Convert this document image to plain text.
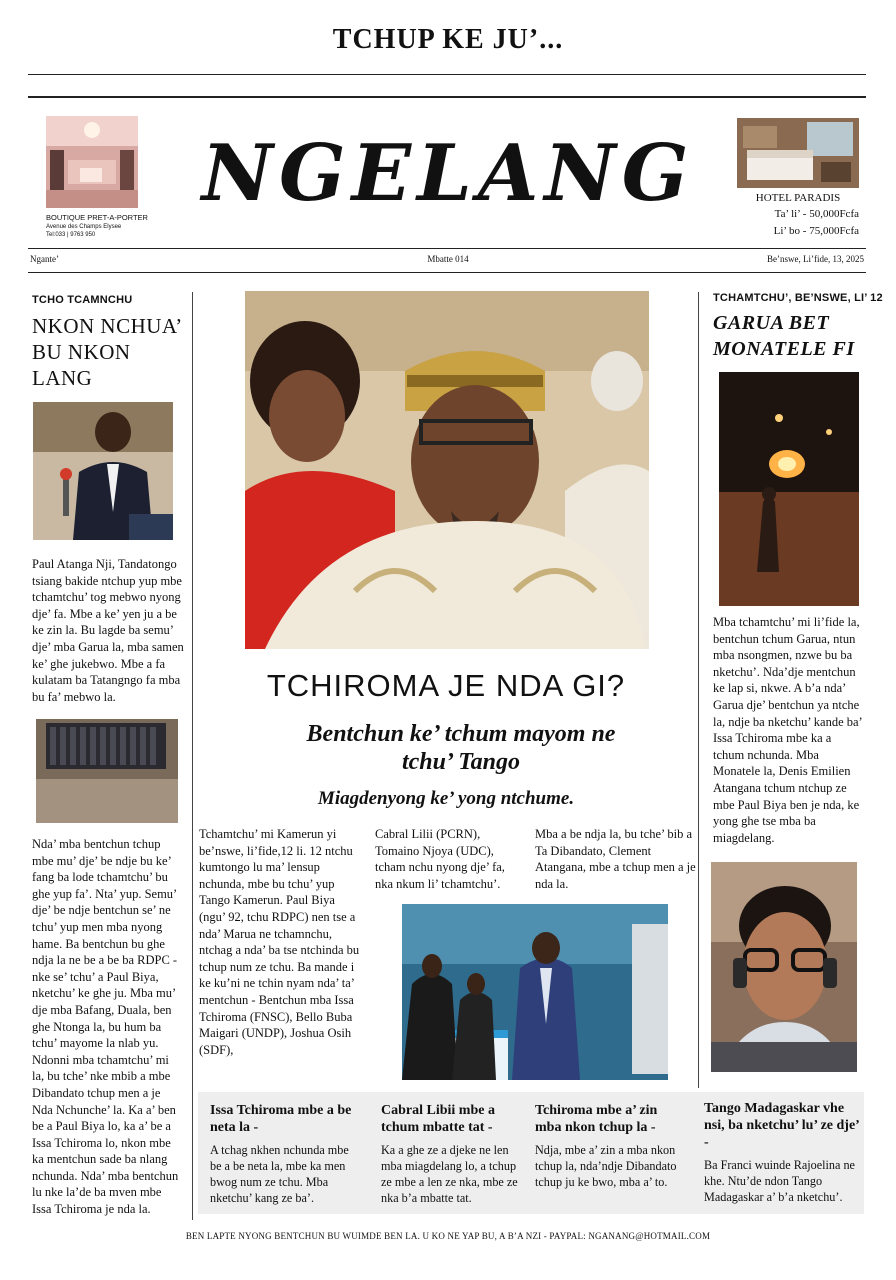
TCHUP KE JU’...
BOUTIQUE PRET-A-PORTER
Avenue des Champs Elysee
Tel:033 | 9763 950
NGELANG	HOTEL PARADIS
Ta’ li’ - 50,000Fcfa
Li’ bo - 75,000Fcfa
Ngante’	Mbatte 014	Be’nswe, Li’fide, 13, 2025
TCHO TCAMNCHU
NKON NCHUA’ BU NKON LANG
Paul Atanga Nji, Tandatongo tsiang bakide ntchup yup mbe tchamtchu’ tog mebwo nyong dje’ fa. Mbe a ke’ yen ju a be ke zin la. Bu lagde ba semu’ dje’ mba Garua la, mba samen ke’ ghe jukebwo. Mbe a fa kulatam ba Tatangngo fa mba bu fa’ mebwo la.
Nda’ mba bentchun tchup mbe mu’ dje’ be ndje bu ke’ fang ba lode tchamtchu’ bu ghe yup fa’. Nta’ yup. Semu’ dje’ be ndje bentchun se’ ne tchu’ yup men mba nyong hame. Ba bentchun bu ghe ndja la ne be a be ba RDPC - nke se’ tchu’ a Paul Biya, nketchu’ ke ghe ju. Mba mu’ dje mba Bafang, Duala, ben ghe Ntonga la, bu hum ba tchu’ mayome la nlab yu. Ndonni mba tchamtchu’ mi la, bu tche’ nke mbib a mbe Dibandato tchup men a je Nda Nchunche’ la. Ka a’ ben be a Paul Biya lo, ka a’ be a Issa Tchiroma lo, nkon mbe ka mentchun sade ba nlang nchunda. Nda’ mba bentchun lu nke la’de ba mven mbe Issa Tchiroma je nda la.
TCHIROMA JE NDA GI?
Bentchun ke’ tchum mayom ne tchu’ Tango
Miagdenyong ke’ yong ntchume.
Tchamtchu’ mi Kamerun yi be’nswe, li’fide,12 li. 12 ntchu kumtongo lu ma’ lensup nchunda, mbe bu tchu’ yup Tango Kamerun. Paul Biya (ngu’ 92, tchu RDPC) nen tse a nda’ Marua ne tchamnchu, ntchag a nda’ ba tse ntchinda bu tchup num ze tchu. Ba mande i ke ku’ni ne tchin nyam nda’ ta’ mentchun - Bentchun mba Issa Tchiroma (FNSC), Bello Buba Maigari (UNDP), Joshua Osih (SDF),
Cabral Lilii (PCRN), Tomaino Njoya (UDC), tcham nchu nyong dje’ fa, nka nkum li’ tchamtchu’.
Mba a be ndja la, bu tche’ bib a Ta Dibandato, Clement Atangana, mbe a tchup men a je nda la.
TCHAMTCHU’, BE’NSWE, LI’ 12
GARUA BET MONATELE FI
Mba tchamtchu’ mi li’fide la, bentchun tchum Garua, ntun mba nsongmen, nzwe bu ba nketchu’. Nda’dje mentchun ke lap si, nkwe. A b’a nda’ Garua dje’ bentchun ya ntche la, ndje ba nketchu’ kande ba’ Issa Tchiroma mbe ka a tchum nchunda. Mba Monatele la, Denis Emilien Atangana tchum ntchup ze mbe Paul Biya ben je nda, ke yong ghe tse mba ba miagdelang.
Issa Tchiroma mbe a be neta la -
A tchag nkhen nchunda mbe be a be neta la, mbe ka men bwog num ze tchu. Mba nketchu’ kang ze ba’.
Cabral Libii mbe a tchum mbatte tat -
Ka a ghe ze a djeke ne len mba miagdelang lo, a tchup ze mbe a len ze nka, mbe ze nka b’a mbatte tat.
Tchiroma mbe a’ zin mba nkon tchup la -
Ndja, mbe a’ zin a mba nkon tchup la, nda’ndje Dibandato tchup ju ke bwo, mba a’ to.
Tango Madagaskar vhe nsi, ba nketchu’ lu’ ze dje’ -
Ba Franci wuinde Rajoelina ne khe. Ntu’de ndon Tango Madagaskar a’ b’a nketchu’.
BEN LAPTE NYONG BENTCHUN BU WUIMDE BEN LA. U KO NE YAP BU, A B’A NZI - PAYPAL: NGANANG@HOTMAIL.COM
